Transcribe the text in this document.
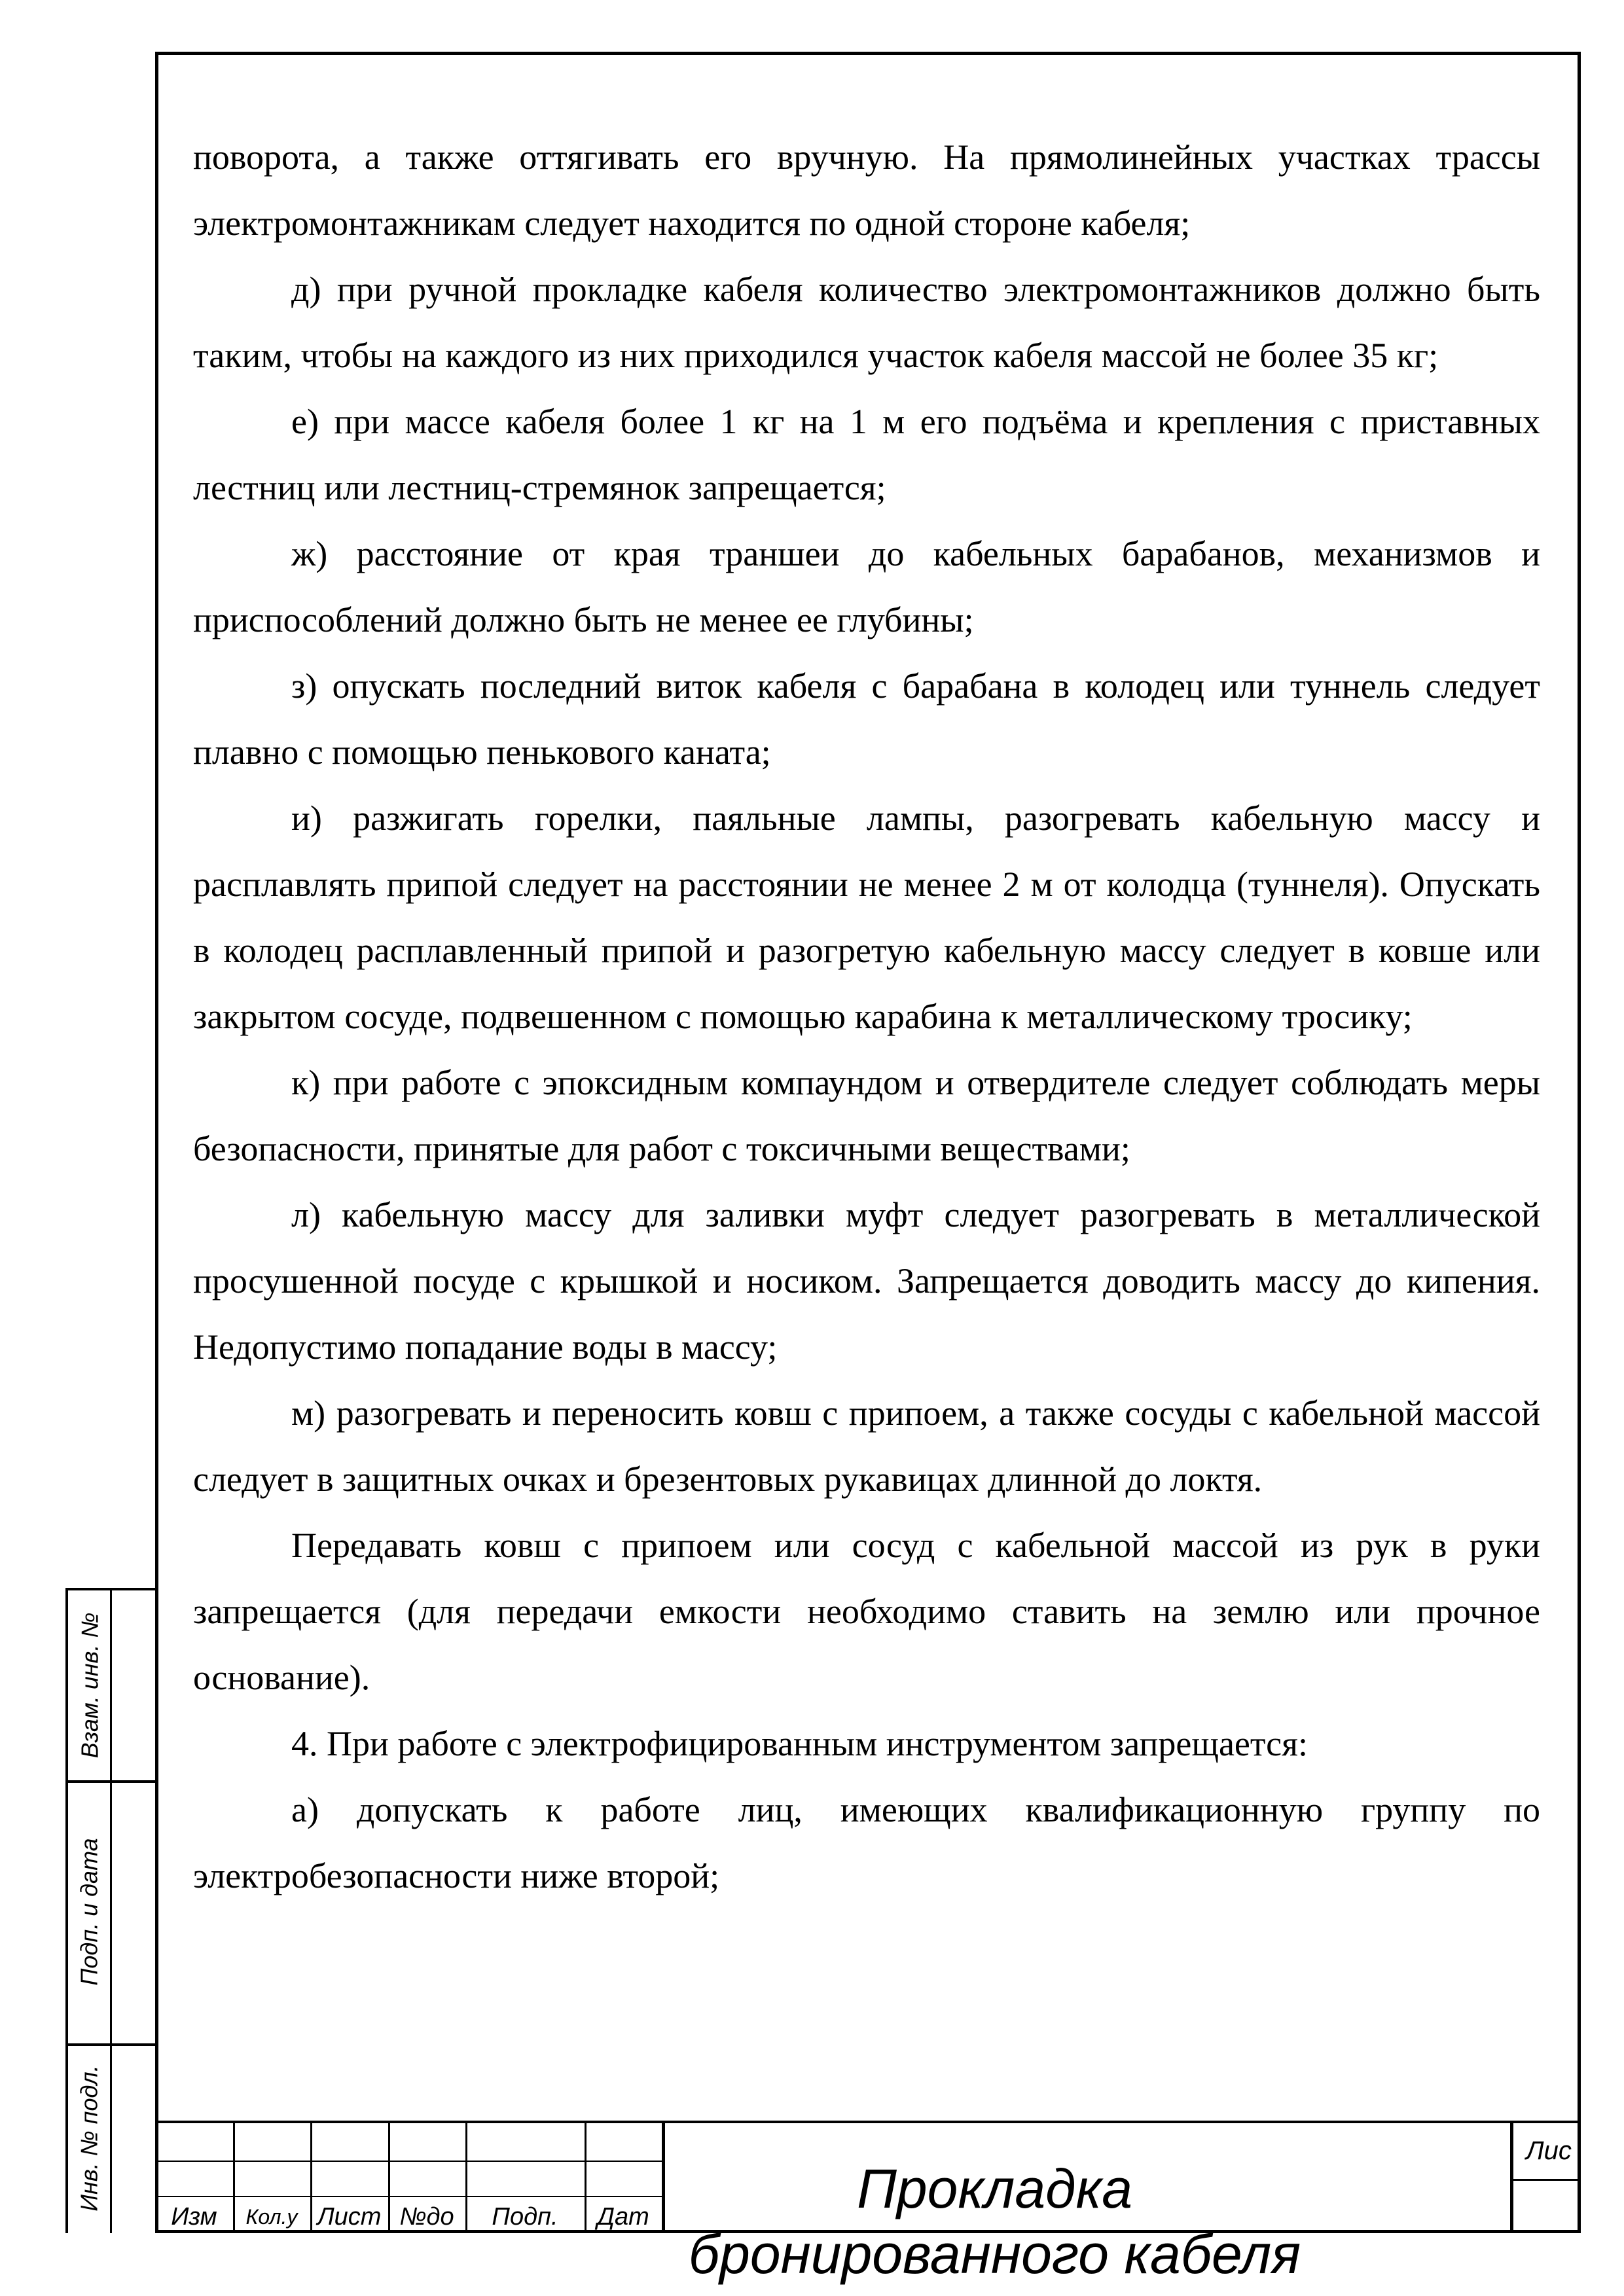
поворота, а также оттягивать его вручную. На прямолинейных участках трассы электромонтажникам следует находится по одной стороне кабеля;

д) при ручной прокладке кабеля количество электромонтажников должно быть таким, чтобы на каждого из них приходился участок кабеля массой не более 35 кг;

е) при массе кабеля более 1 кг на 1 м его подъёма и крепления с приставных лестниц или лестниц-стремянок запрещается;

ж) расстояние от края траншеи до кабельных барабанов, механизмов и приспособлений должно быть не менее ее глубины;

з) опускать последний виток кабеля с барабана в колодец или туннель следует плавно с помощью пенькового каната;

и) разжигать горелки, паяльные лампы, разогревать кабельную массу и расплавлять припой следует на расстоянии не менее 2 м от колодца (туннеля). Опускать в колодец расплавленный припой и разогретую кабельную массу следует в ковше или закрытом сосуде, подвешенном с помощью карабина к металлическому тросику;

к) при работе с эпоксидным компаундом и отвердителе следует соблюдать меры безопасности, принятые для работ с токсичными веществами;

л) кабельную массу для заливки муфт следует разогревать в металлической просушенной посуде с крышкой и носиком. Запрещается доводить массу до кипения. Недопустимо попадание воды в массу;

м) разогревать и переносить ковш с припоем, а также сосуды с кабельной массой следует в защитных очках и брезентовых рукавицах длинной до локтя.

Передавать ковш с припоем или сосуд с кабельной массой из рук в руки запрещается (для передачи емкости необходимо ставить на землю или прочное основание).

4. При работе с электрофицированным инструментом запрещается:

а) допускать к работе лиц, имеющих квалификационную группу по электробезопасности ниже второй;

Взам. инв. №
Подп. и дата
Инв. № подл.
Изм	Кол.у Лист №до	Подп.	Дат	Прокладка бронированного кабеля
Лис
